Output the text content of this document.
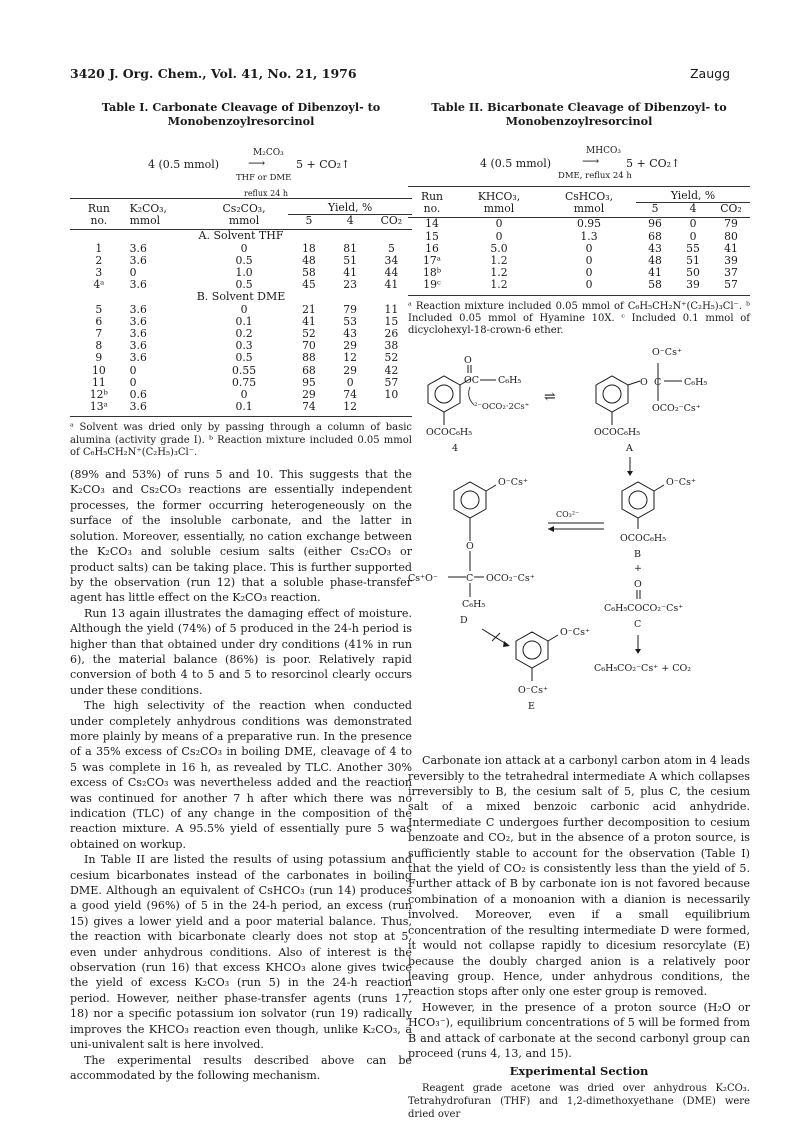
3420 J. Org. Chem., Vol. 41, No. 21, 1976	Zaugg
Table I. Carbonate Cleavage of Dibenzoyl- to
Monobenzoylresorcinol
4 (0.5 mmol)
M₂CO₃
⟶
THF or DME
reflux 24 h
5 + CO₂↑
Run	K₂CO₃,	Cs₂CO₃,	Yield, %		
no.	mmol	mmol	5	4	CO₂
A. Solvent THF					
1	3.6	0	18	81	5
2	3.6	0.5	48	51	34
3	0	1.0	58	41	44
4ᵃ	3.6	0.5	45	23	41
B. Solvent DME					
5	3.6	0	21	79	11
6	3.6	0.1	41	53	15
7	3.6	0.2	52	43	26
8	3.6	0.3	70	29	38
9	3.6	0.5	88	12	52
10	0	0.55	68	29	42
11	0	0.75	95	0	57
12ᵇ	0.6	0	29	74	10
13ᵃ	3.6	0.1	74	12	
ᵃ Solvent was dried only by passing through a column of basic alumina (activity grade I). ᵇ Reaction mixture included 0.05 mmol of C₆H₅CH₂N⁺(C₂H₅)₃Cl⁻.

(89% and 53%) of runs 5 and 10. This suggests that the K₂CO₃ and Cs₂CO₃ reactions are essentially independent processes, the former occurring heterogeneously on the surface of the insoluble carbonate, and the latter in solution. Moreover, essentially, no cation exchange between the K₂CO₃ and soluble cesium salts (either Cs₂CO₃ or product salts) can be taking place. This is further supported by the observation (run 12) that a soluble phase-transfer agent has little effect on the K₂CO₃ reaction.

Run 13 again illustrates the damaging effect of moisture. Although the yield (74%) of 5 produced in the 24-h period is higher than that obtained under dry conditions (41% in run 6), the material balance (86%) is poor. Relatively rapid conversion of both 4 to 5 and 5 to resorcinol clearly occurs under these conditions.

The high selectivity of the reaction when conducted under completely anhydrous conditions was demonstrated more plainly by means of a preparative run. In the presence of a 35% excess of Cs₂CO₃ in boiling DME, cleavage of 4 to 5 was complete in 16 h, as revealed by TLC. Another 30% excess of Cs₂CO₃ was nevertheless added and the reaction was continued for another 7 h after which there was no indication (TLC) of any change in the composition of the reaction mixture. A 95.5% yield of essentially pure 5 was obtained on workup.

In Table II are listed the results of using potassium and cesium bicarbonates instead of the carbonates in boiling DME. Although an equivalent of CsHCO₃ (run 14) produces a good yield (96%) of 5 in the 24-h period, an excess (run 15) gives a lower yield and a poor material balance. Thus, the reaction with bicarbonate clearly does not stop at 5, even under anhydrous conditions. Also of interest is the observation (run 16) that excess KHCO₃ alone gives twice the yield of excess K₂CO₃ (run 5) in the 24-h reaction period. However, neither phase-transfer agents (runs 17, 18) nor a specific potassium ion solvator (run 19) radically improves the KHCO₃ reaction even though, unlike K₂CO₃, a uni-univalent salt is here involved.

The experimental results described above can be accommodated by the following mechanism.

Table II. Bicarbonate Cleavage of Dibenzoyl- to
Monobenzoylresorcinol
4 (0.5 mmol)
MHCO₃
⟶
DME, reflux 24 h
5 + CO₂↑
Run	KHCO₃,	CsHCO₃,	Yield, %		
no.	mmol	mmol	5	4	CO₂
14	0	0.95	96	0	79
15	0	1.3	68	0	80
16	5.0	0	43	55	41
17ᵃ	1.2	0	48	51	39
18ᵇ	1.2	0	41	50	37
19ᶜ	1.2	0	58	39	57
ᵃ Reaction mixture included 0.05 mmol of C₆H₅CH₂N⁺(C₂H₅)₃Cl⁻. ᵇ Included 0.05 mmol of Hyamine 10X. ᶜ Included 0.1 mmol of dicyclohexyl-18-crown-6 ether.
O
OC C₆H₅
²⁻OCO₂·2Cs⁺
OCOC₆H₅
4
⇌
O⁻Cs⁺
O C C₆H₅
OCO₂⁻Cs⁺
OCOC₆H₅
A
O⁻Cs⁺
O
Cs⁺O⁻	C OCO₂⁻Cs⁺
C₆H₅
D
CO₃²⁻
O⁻Cs⁺
OCOC₆H₅
B
+
O
C₆H₅COCO₂⁻Cs⁺
C
C₆H₅CO₂⁻Cs⁺ + CO₂
O⁻Cs⁺
O⁻Cs⁺
E

Carbonate ion attack at a carbonyl carbon atom in 4 leads reversibly to the tetrahedral intermediate A which collapses irreversibly to B, the cesium salt of 5, plus C, the cesium salt of a mixed benzoic carbonic acid anhydride. Intermediate C undergoes further decomposition to cesium benzoate and CO₂, but in the absence of a proton source, is sufficiently stable to account for the observation (Table I) that the yield of CO₂ is consistently less than the yield of 5. Further attack of B by carbonate ion is not favored because combination of a monoanion with a dianion is necessarily involved. Moreover, even if a small equilibrium concentration of the resulting intermediate D were formed, it would not collapse rapidly to dicesium resorcylate (E) because the doubly charged anion is a relatively poor leaving group. Hence, under anhydrous conditions, the reaction stops after only one ester group is removed.

However, in the presence of a proton source (H₂O or HCO₃⁻), equilibrium concentrations of 5 will be formed from B and attack of carbonate at the second carbonyl group can proceed (runs 4, 13, and 15).

Experimental Section

Reagent grade acetone was dried over anhydrous K₂CO₃. Tetrahydrofuran (THF) and 1,2-dimethoxyethane (DME) were dried over
